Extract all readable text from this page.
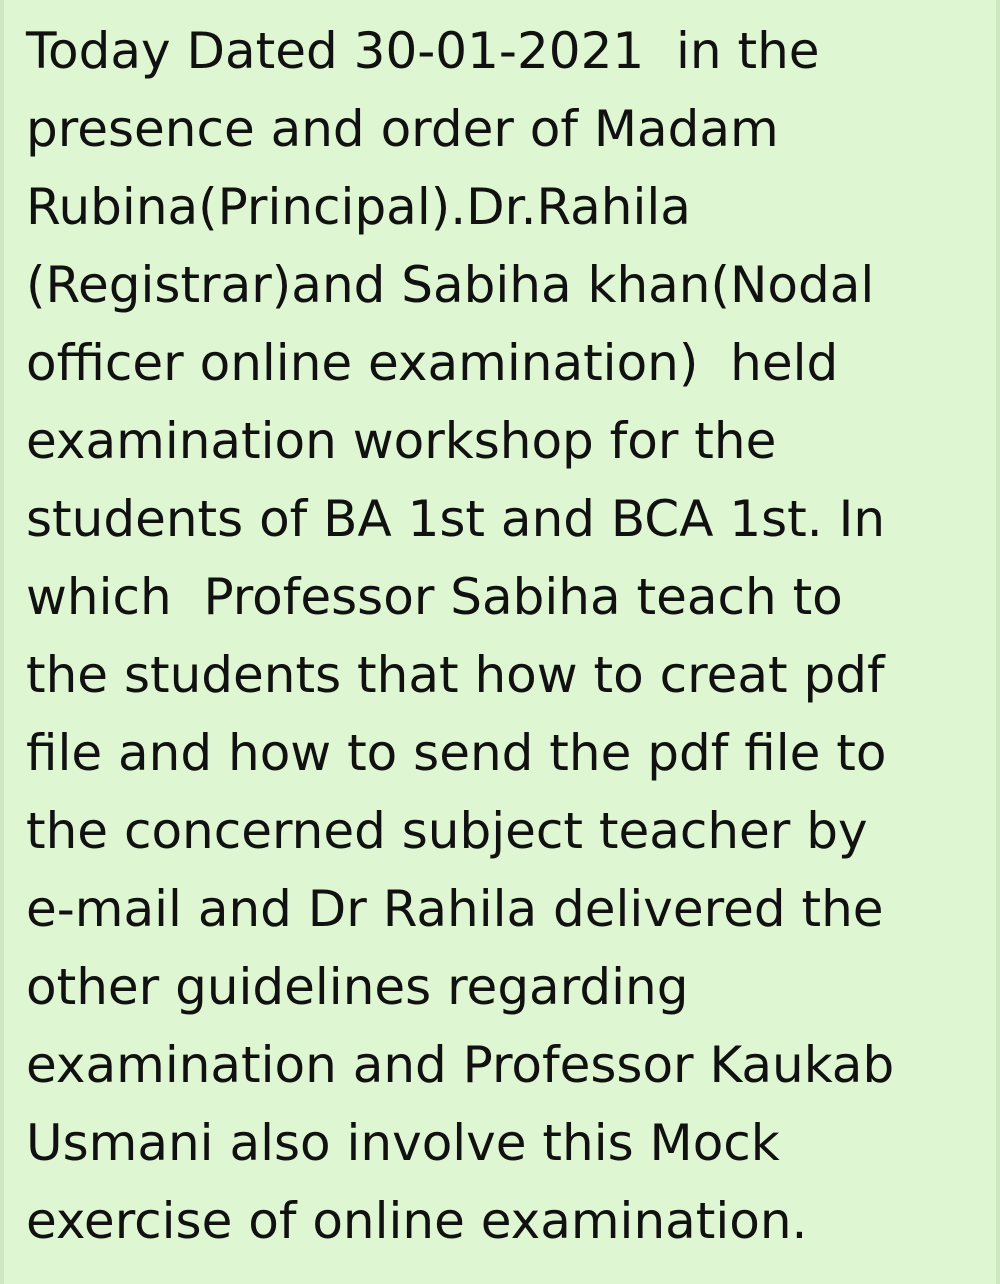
Today Dated 30-01-2021  in the
presence and order of Madam
Rubina(Principal).Dr.Rahila
(Registrar)and Sabiha khan(Nodal
officer online examination)  held
examination workshop for the
students of BA 1st and BCA 1st. In
which  Professor Sabiha teach to
the students that how to creat pdf
file and how to send the pdf file to
the concerned subject teacher by
e-mail and Dr Rahila delivered the
other guidelines regarding
examination and Professor Kaukab
Usmani also involve this Mock
exercise of online examination.
